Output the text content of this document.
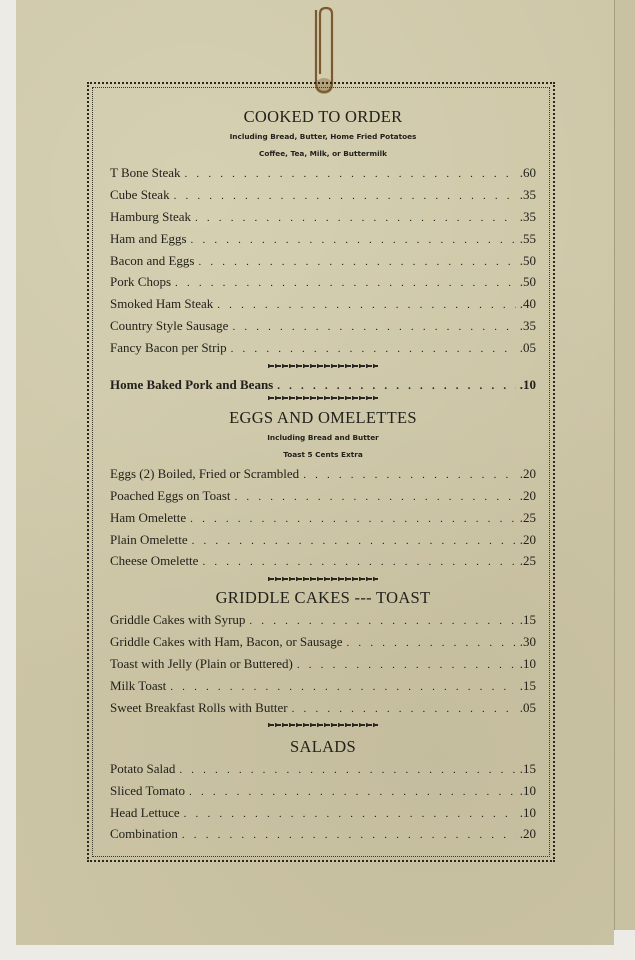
COOKED TO ORDER
Including Bread, Butter, Home Fried Potatoes
Coffee, Tea, Milk, or Buttermilk
T Bone Steak . . .	.60
Cube Steak . . .	.35
Hamburg Steak . . .	.35
Ham and Eggs . . .	.55
Bacon and Eggs . . .	.50
Pork Chops . . .	.50
Smoked Ham Steak . . .	.40
Country Style Sausage . . .	.35
Fancy Bacon per Strip . . .	.05
Home Baked Pork and Beans . . .	.10
EGGS AND OMELETTES
Including Bread and Butter
Toast 5 Cents Extra
Eggs (2) Boiled, Fried or Scrambled . . .	.20
Poached Eggs on Toast . . .	.20
Ham Omelette . . .	.25
Plain Omelette . . .	.20
Cheese Omelette . . .	.25
GRIDDLE CAKES --- TOAST
Griddle Cakes with Syrup . . .	.15
Griddle Cakes with Ham, Bacon, or Sausage . . .	.30
Toast with Jelly (Plain or Buttered) . . .	.10
Milk Toast . . .	.15
Sweet Breakfast Rolls with Butter . . .	.05
SALADS
Potato Salad . . .	.15
Sliced Tomato . . .	.10
Head Lettuce . . .	.10
Combination . . .	.20
